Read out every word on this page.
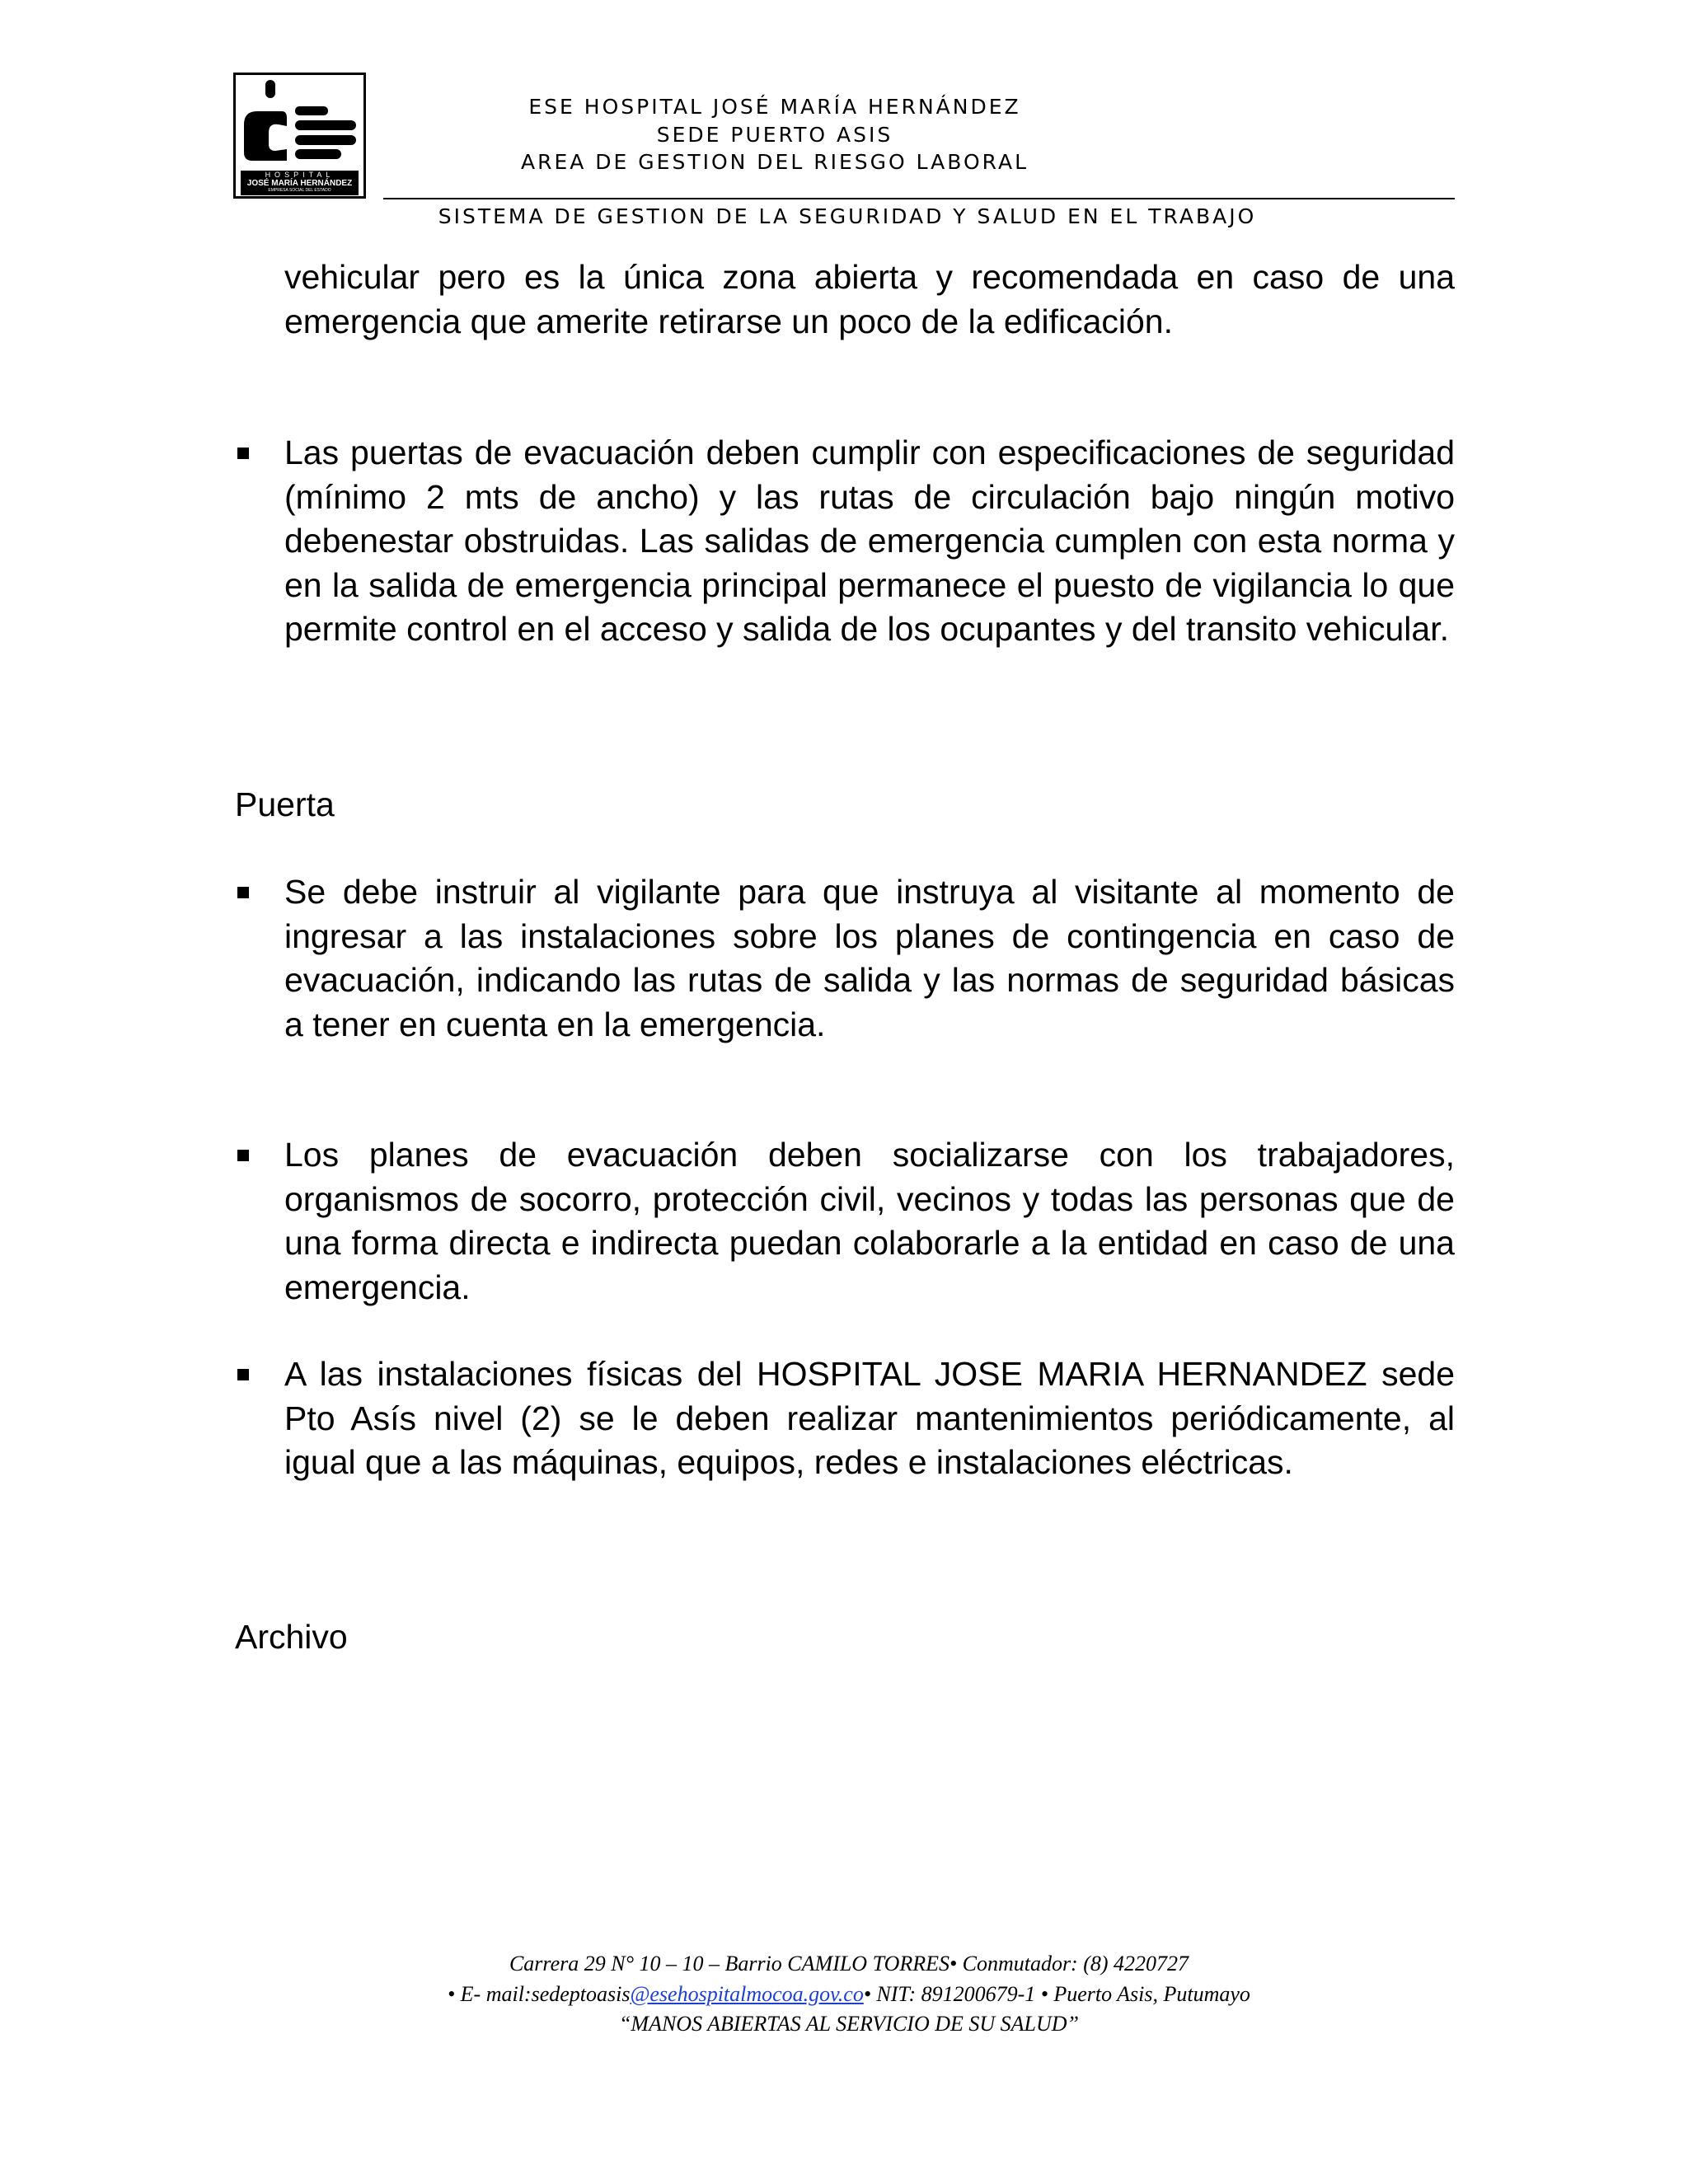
HOSPITAL
JOSÉ MARÍA HERNÁNDEZ
EMPRESA SOCIAL DEL ESTADO
ESE HOSPITAL JOSÉ MARÍA HERNÁNDEZ
SEDE PUERTO ASIS
AREA DE GESTION DEL RIESGO LABORAL
SISTEMA DE GESTION DE LA SEGURIDAD Y SALUD EN EL TRABAJO
vehicular pero es la única zona abierta y recomendada en caso de una emergencia que amerite retirarse un poco de la edificación.
Las puertas de evacuación deben cumplir con especificaciones de seguridad (mínimo 2 mts de ancho) y las rutas de circulación bajo ningún motivo debenestar obstruidas. Las salidas de emergencia cumplen con esta norma y en la salida de emergencia principal permanece el puesto de vigilancia lo que permite control en el acceso y salida de los ocupantes y del transito vehicular.
Puerta
Se debe instruir al vigilante para que instruya al visitante al momento de ingresar a las instalaciones sobre los planes de contingencia en caso de evacuación, indicando las rutas de salida y las normas de seguridad básicas a tener en cuenta en la emergencia.
Los planes de evacuación deben socializarse con los trabajadores, organismos de socorro, protección civil, vecinos y todas las personas que de una forma directa e indirecta puedan colaborarle a la entidad en caso de una emergencia.
A las instalaciones físicas del HOSPITAL JOSE MARIA HERNANDEZ sede Pto Asís nivel (2) se le deben realizar mantenimientos periódicamente, al igual que a las máquinas, equipos, redes e instalaciones eléctricas.
Archivo
Carrera 29 N° 10 – 10 – Barrio CAMILO TORRES• Conmutador: (8) 4220727
• E- mail:sedeptoasis@esehospitalmocoa.gov.co• NIT: 891200679-1 • Puerto Asis, Putumayo
“MANOS ABIERTAS AL SERVICIO DE SU SALUD”
